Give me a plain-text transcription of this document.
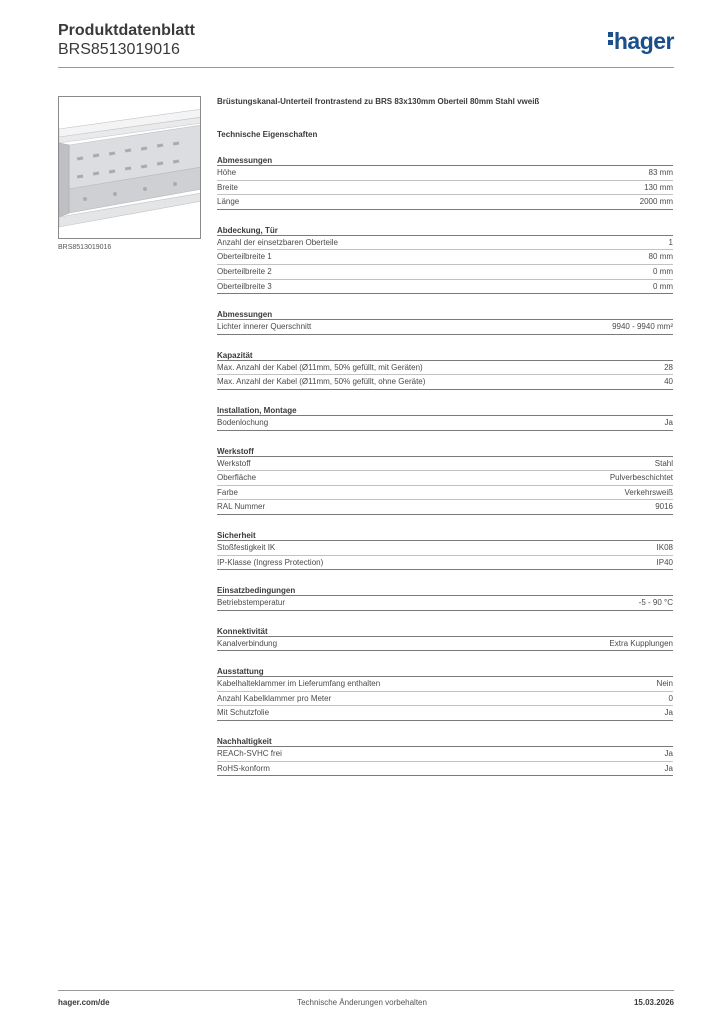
Produktdatenblatt
BRS8513019016	hager
BRS8513019016
Brüstungskanal-Unterteil frontrastend zu BRS 83x130mm Oberteil 80mm Stahl vweiß
Technische Eigenschaften
Abmessungen
Höhe	83 mm
Breite	130 mm
Länge	2000 mm
Abdeckung, Tür
Anzahl der einsetzbaren Oberteile	1
Oberteilbreite 1	80 mm
Oberteilbreite 2	0 mm
Oberteilbreite 3	0 mm
Abmessungen
Lichter innerer Querschnitt	9940 - 9940 mm²
Kapazität
Max. Anzahl der Kabel (Ø11mm, 50% gefüllt, mit Geräten)	28
Max. Anzahl der Kabel (Ø11mm, 50% gefüllt, ohne Geräte)	40
Installation, Montage
Bodenlochung	Ja
Werkstoff
Werkstoff	Stahl
Oberfläche	Pulverbeschichtet
Farbe	Verkehrsweiß
RAL Nummer	9016
Sicherheit
Stoßfestigkeit IK	IK08
IP-Klasse (Ingress Protection)	IP40
Einsatzbedingungen
Betriebstemperatur	-5 - 90 °C
Konnektivität
Kanalverbindung	Extra Kupplungen
Ausstattung
Kabelhalteklammer im Lieferumfang enthalten	Nein
Anzahl Kabelklammer pro Meter	0
Mit Schutzfolie	Ja
Nachhaltigkeit
REACh-SVHC frei	Ja
RoHS-konform	Ja
hager.com/de	Technische Änderungen vorbehalten	15.03.2026
